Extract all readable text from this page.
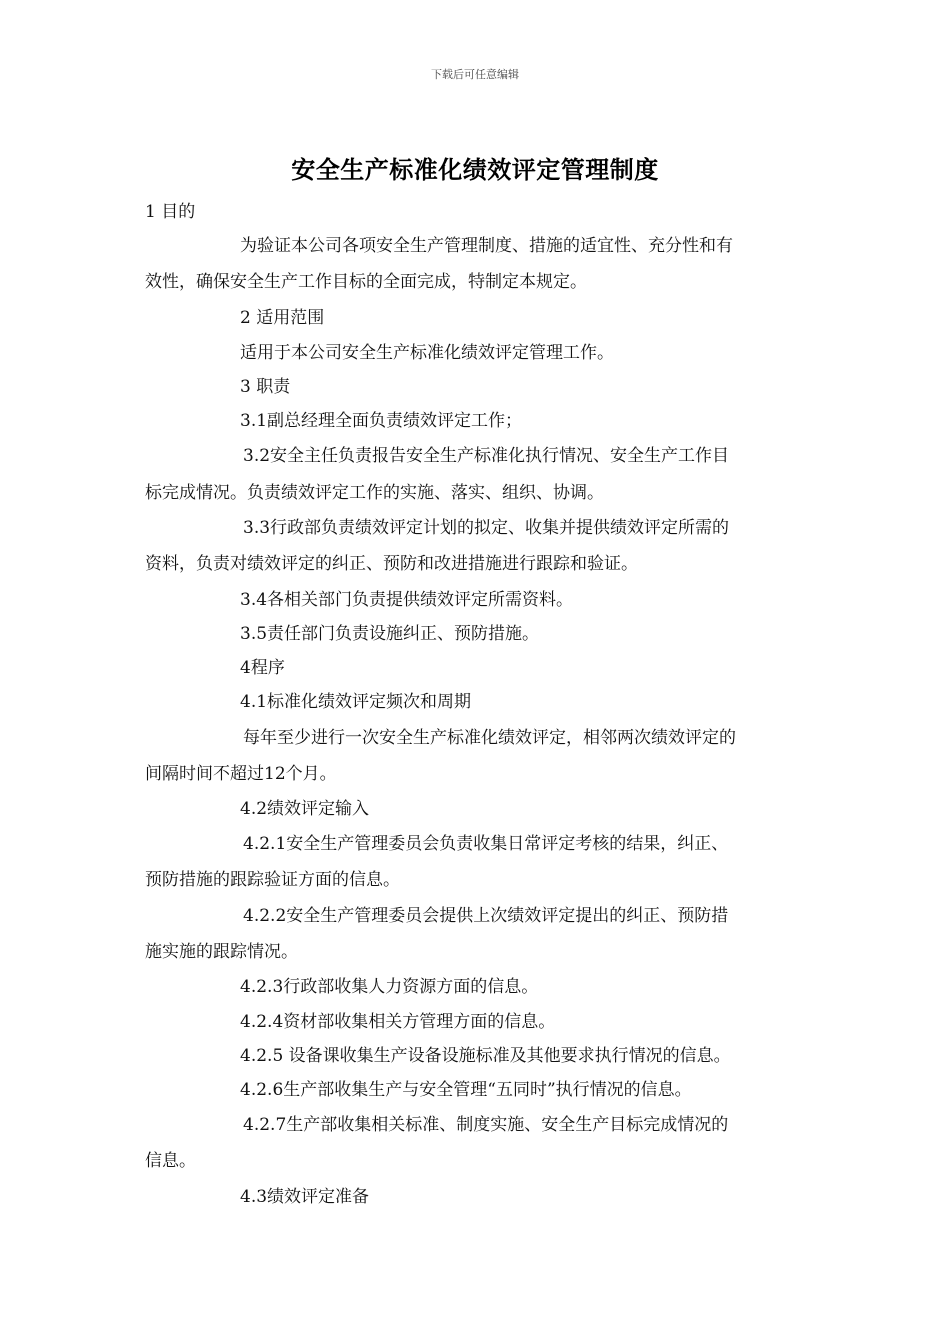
下载后可任意编辑
安全生产标准化绩效评定管理制度
1 目的
为验证本公司各项安全生产管理制度、措施的适宜性、充分性和有
效性，确保安全生产工作目标的全面完成，特制定本规定。
2 适用范围
适用于本公司安全生产标准化绩效评定管理工作。
3 职责
3.1副总经理全面负责绩效评定工作；
3.2安全主任负责报告安全生产标准化执行情况、安全生产工作目
标完成情况。负责绩效评定工作的实施、落实、组织、协调。
3.3行政部负责绩效评定计划的拟定、收集并提供绩效评定所需的
资料，负责对绩效评定的纠正、预防和改进措施进行跟踪和验证。
3.4各相关部门负责提供绩效评定所需资料。
3.5责任部门负责设施纠正、预防措施。
4程序
4.1标准化绩效评定频次和周期
每年至少进行一次安全生产标准化绩效评定，相邻两次绩效评定的
间隔时间不超过12个月。
4.2绩效评定输入
4.2.1安全生产管理委员会负责收集日常评定考核的结果，纠正、
预防措施的跟踪验证方面的信息。
4.2.2安全生产管理委员会提供上次绩效评定提出的纠正、预防措
施实施的跟踪情况。
4.2.3行政部收集人力资源方面的信息。
4.2.4资材部收集相关方管理方面的信息。
4.2.5 设备课收集生产设备设施标准及其他要求执行情况的信息。
4.2.6生产部收集生产与安全管理“五同时”执行情况的信息。
4.2.7生产部收集相关标准、制度实施、安全生产目标完成情况的
信息。
4.3绩效评定准备
